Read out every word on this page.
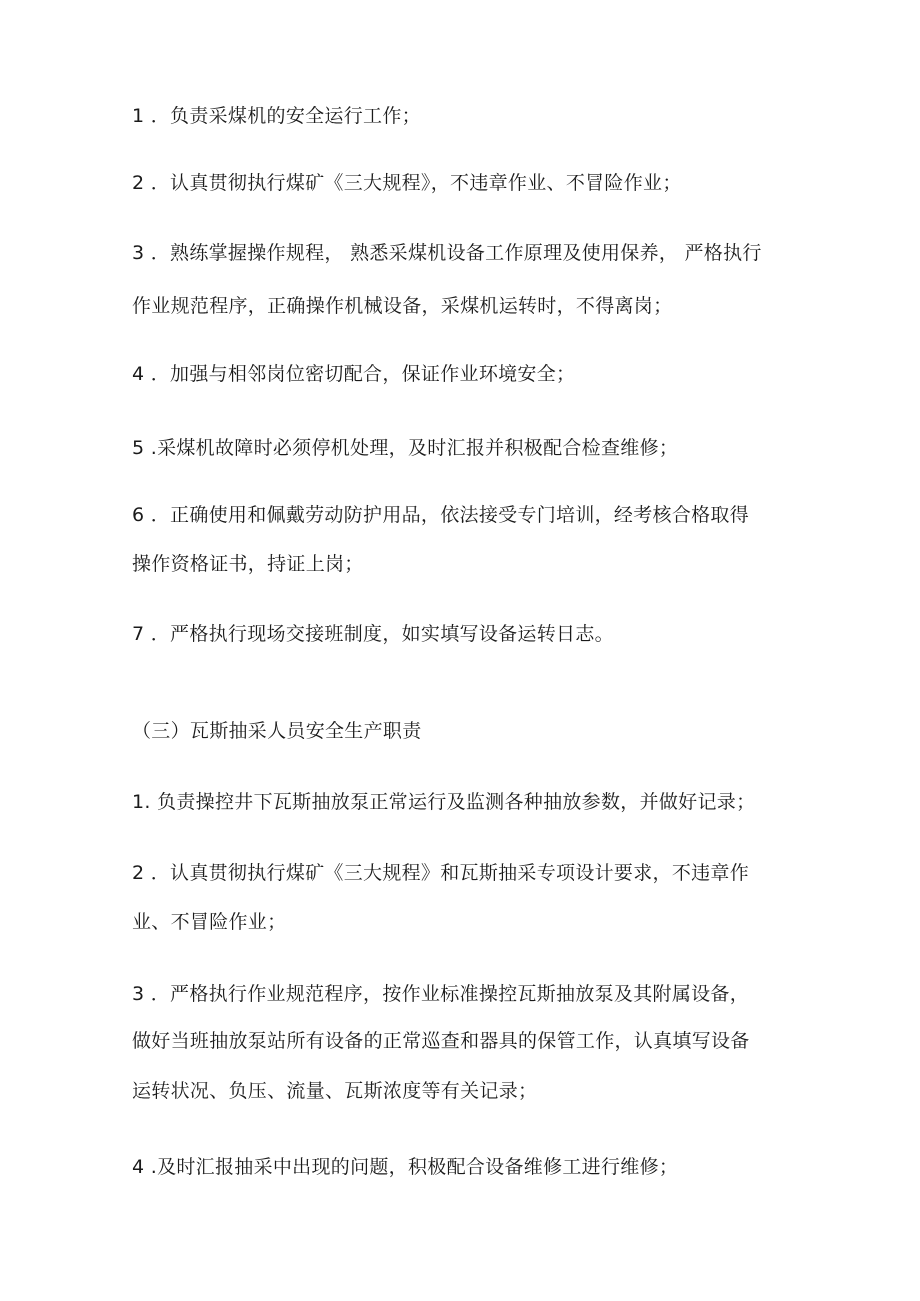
1 ．负责采煤机的安全运行工作；
2 ．认真贯彻执行煤矿《三大规程》，不违章作业、不冒险作业；
3 ．熟练掌握操作规程， 熟悉采煤机设备工作原理及使用保养， 严格执行
作业规范程序，正确操作机械设备，采煤机运转时，不得离岗；
4 ．加强与相邻岗位密切配合，保证作业环境安全；
5 .采煤机故障时必须停机处理，及时汇报并积极配合检查维修；
6 ．正确使用和佩戴劳动防护用品，依法接受专门培训，经考核合格取得
操作资格证书，持证上岗；
7 ．严格执行现场交接班制度，如实填写设备运转日志。
（三）瓦斯抽采人员安全生产职责
1. 负责操控井下瓦斯抽放泵正常运行及监测各种抽放参数，并做好记录；
2 ．认真贯彻执行煤矿《三大规程》和瓦斯抽采专项设计要求，不违章作
业、不冒险作业；
3 ．严格执行作业规范程序，按作业标准操控瓦斯抽放泵及其附属设备，
做好当班抽放泵站所有设备的正常巡查和器具的保管工作，认真填写设备
运转状况、负压、流量、瓦斯浓度等有关记录；
4 .及时汇报抽采中出现的问题，积极配合设备维修工进行维修；
